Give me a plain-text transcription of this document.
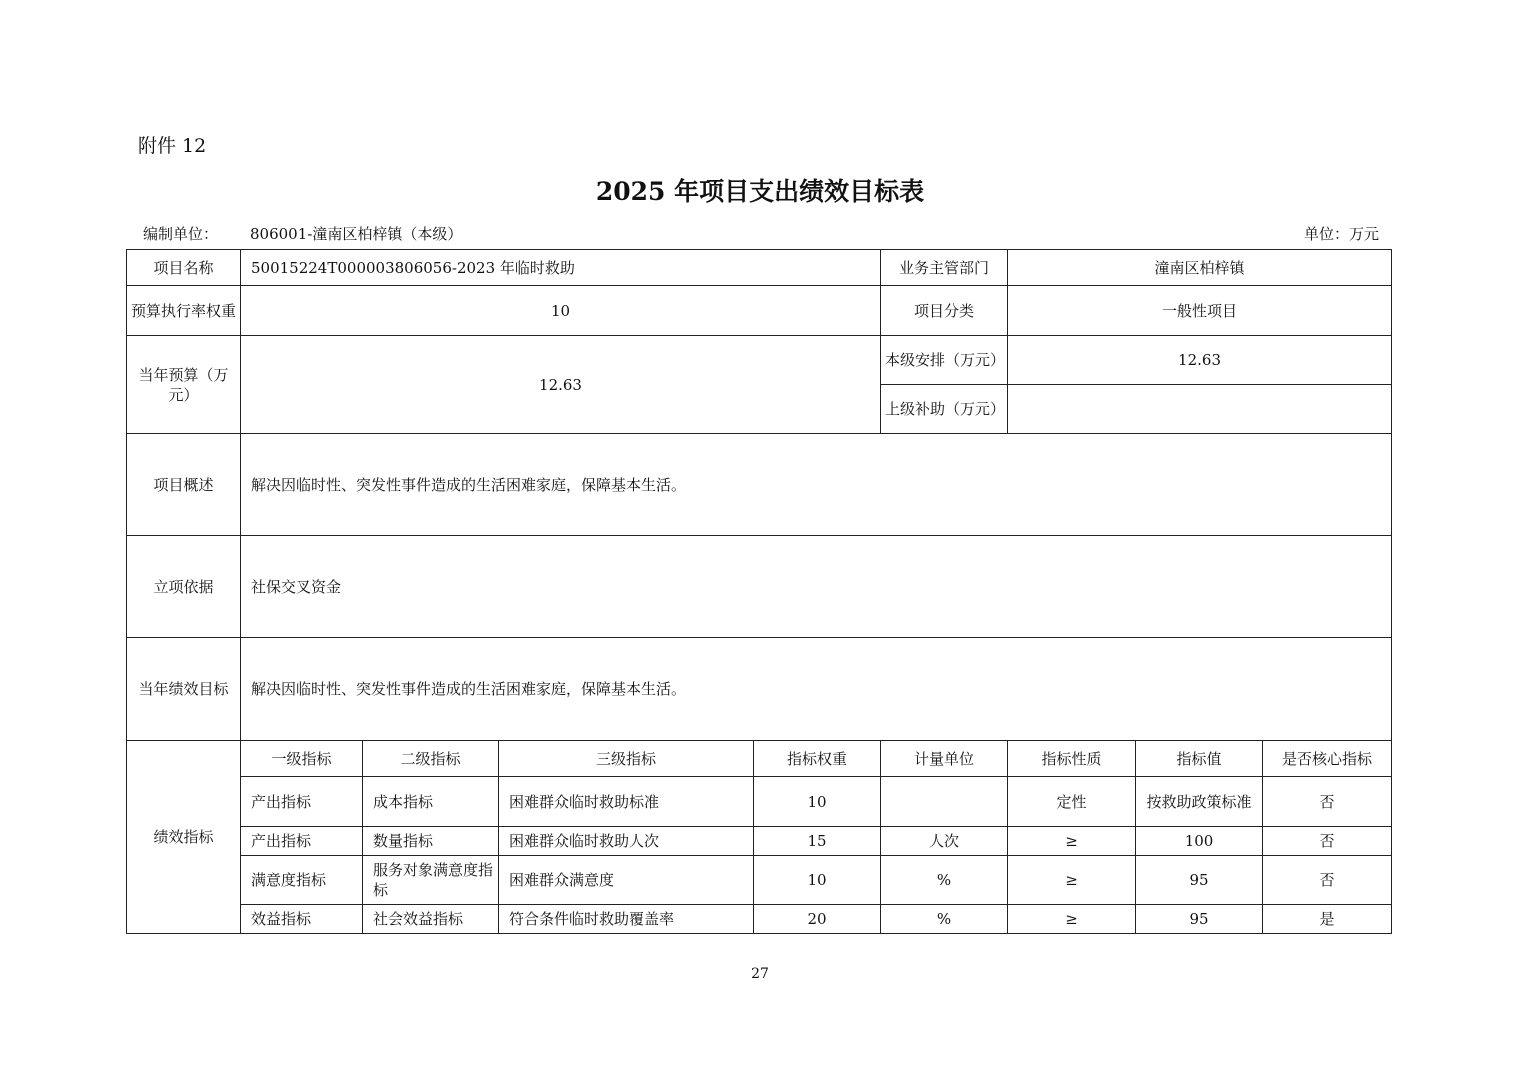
附件 12
2025 年项目支出绩效目标表
编制单位： 806001-潼南区柏梓镇（本级）	单位：万元
项目名称	50015224T000003806056-2023 年临时救助				业务主管部门	潼南区柏梓镇		
预算执行率权重	10				项目分类	一般性项目		
当年预算（万元）	12.63				本级安排（万元）	12.63		
					上级补助（万元）			
项目概述	解决因临时性、突发性事件造成的生活困难家庭，保障基本生活。							
立项依据	社保交叉资金							
当年绩效目标	解决因临时性、突发性事件造成的生活困难家庭，保障基本生活。							
绩效指标	一级指标	二级指标	三级指标	指标权重	计量单位	指标性质	指标值	是否核心指标
	产出指标	成本指标	困难群众临时救助标准	10		定性	按救助政策标准	否
	产出指标	数量指标	困难群众临时救助人次	15	人次	≥	100	否
	满意度指标	服务对象满意度指标	困难群众满意度	10	%	≥	95	否
	效益指标	社会效益指标	符合条件临时救助覆盖率	20	%	≥	95	是
27
